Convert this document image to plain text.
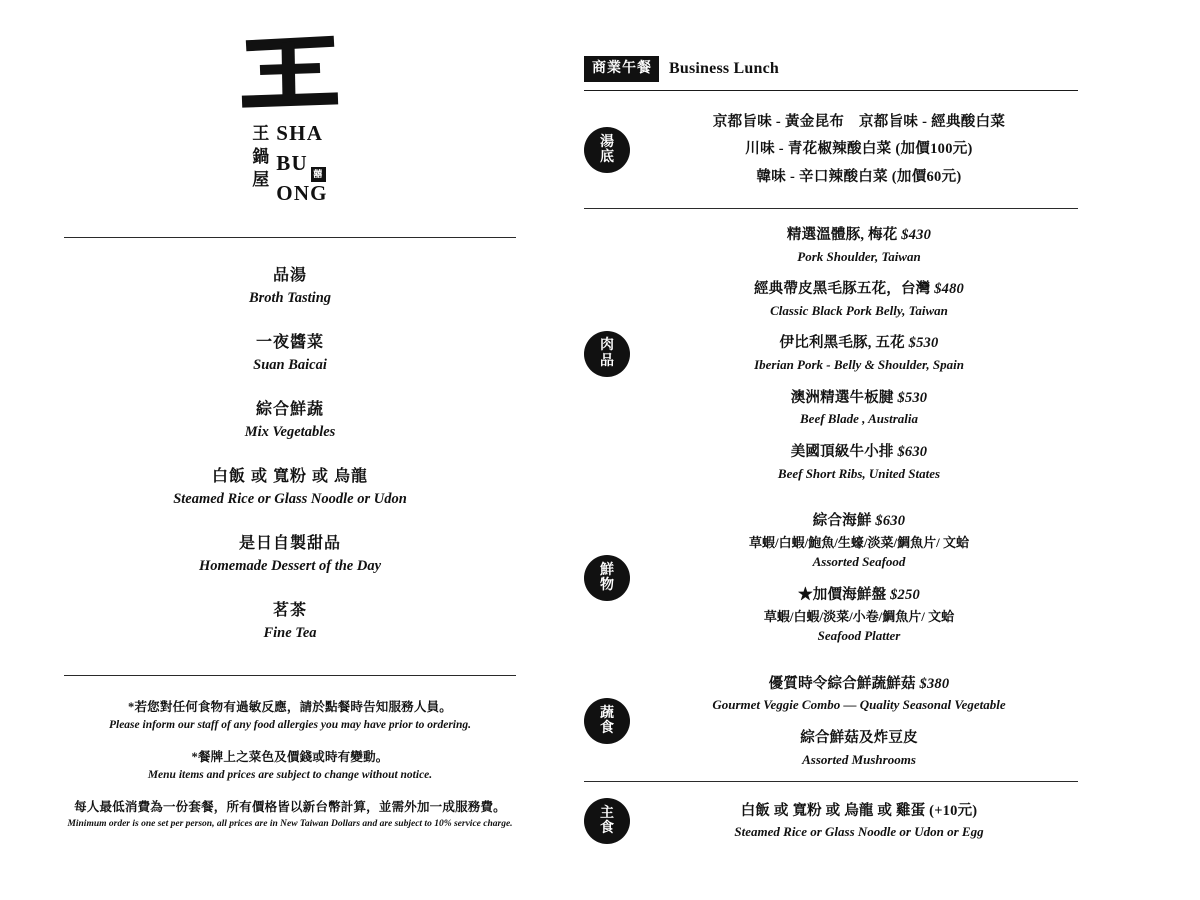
王
鍋
屋
SHA
BU 囍
ONG
品湯
Broth Tasting
一夜醬菜
Suan Baicai
綜合鮮蔬
Mix Vegetables
白飯 或 寬粉 或 烏龍
Steamed Rice or Glass Noodle or Udon
是日自製甜品
Homemade Dessert of the Day
茗茶
Fine Tea
*若您對任何食物有過敏反應，請於點餐時告知服務人員。
Please inform our staff of any food allergies you may have prior to ordering.
*餐牌上之菜色及價錢或時有變動。
Menu items and prices are subject to change without notice.
每人最低消費為一份套餐，所有價格皆以新台幣計算，並需外加一成服務費。
Minimum order is one set per person, all prices are in New Taiwan Dollars and are subject to 10% service charge.
商業午餐	Business Lunch
湯
底
京都旨味 - 黃金昆布　京都旨味 - 經典酸白菜
川味 - 青花椒辣酸白菜 (加價100元)
韓味 - 辛口辣酸白菜 (加價60元)
肉
品
精選溫體豚, 梅花 $430
Pork Shoulder, Taiwan
經典帶皮黑毛豚五花，台灣 $480
Classic Black Pork Belly, Taiwan
伊比利黑毛豚, 五花 $530
Iberian Pork - Belly & Shoulder, Spain
澳洲精選牛板腱 $530
Beef Blade , Australia
美國頂級牛小排 $630
Beef Short Ribs, United States
鮮
物
綜合海鮮 $630
草蝦/白蝦/鮑魚/生蠔/淡菜/鯛魚片/ 文蛤
Assorted Seafood
★加價海鮮盤 $250
草蝦/白蝦/淡菜/小卷/鯛魚片/ 文蛤
Seafood Platter
蔬
食
優質時令綜合鮮蔬鮮菇 $380
Gourmet Veggie Combo — Quality Seasonal Vegetable
綜合鮮菇及炸豆皮
Assorted Mushrooms
主
食
白飯 或 寬粉 或 烏龍 或 雞蛋 (+10元)
Steamed Rice or Glass Noodle or Udon or Egg
